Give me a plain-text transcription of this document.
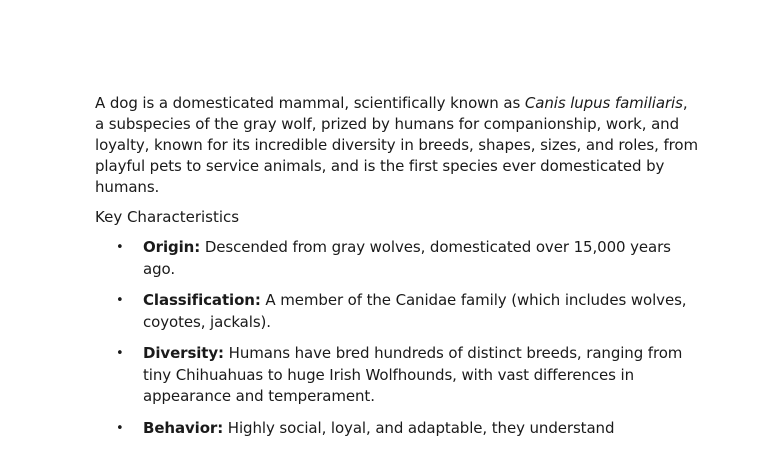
A dog is a domesticated mammal, scientifically known as Canis lupus familiaris, a subspecies of the gray wolf, prized by humans for companionship, work, and loyalty, known for its incredible diversity in breeds, shapes, sizes, and roles, from playful pets to service animals, and is the first species ever domesticated by humans.

Key Characteristics
• Origin: Descended from gray wolves, domesticated over 15,000 years ago.
• Classification: A member of the Canidae family (which includes wolves, coyotes, jackals).
• Diversity: Humans have bred hundreds of distinct breeds, ranging from tiny Chihuahuas to huge Irish Wolfhounds, with vast differences in appearance and temperament.
• Behavior: Highly social, loyal, and adaptable, they understand
